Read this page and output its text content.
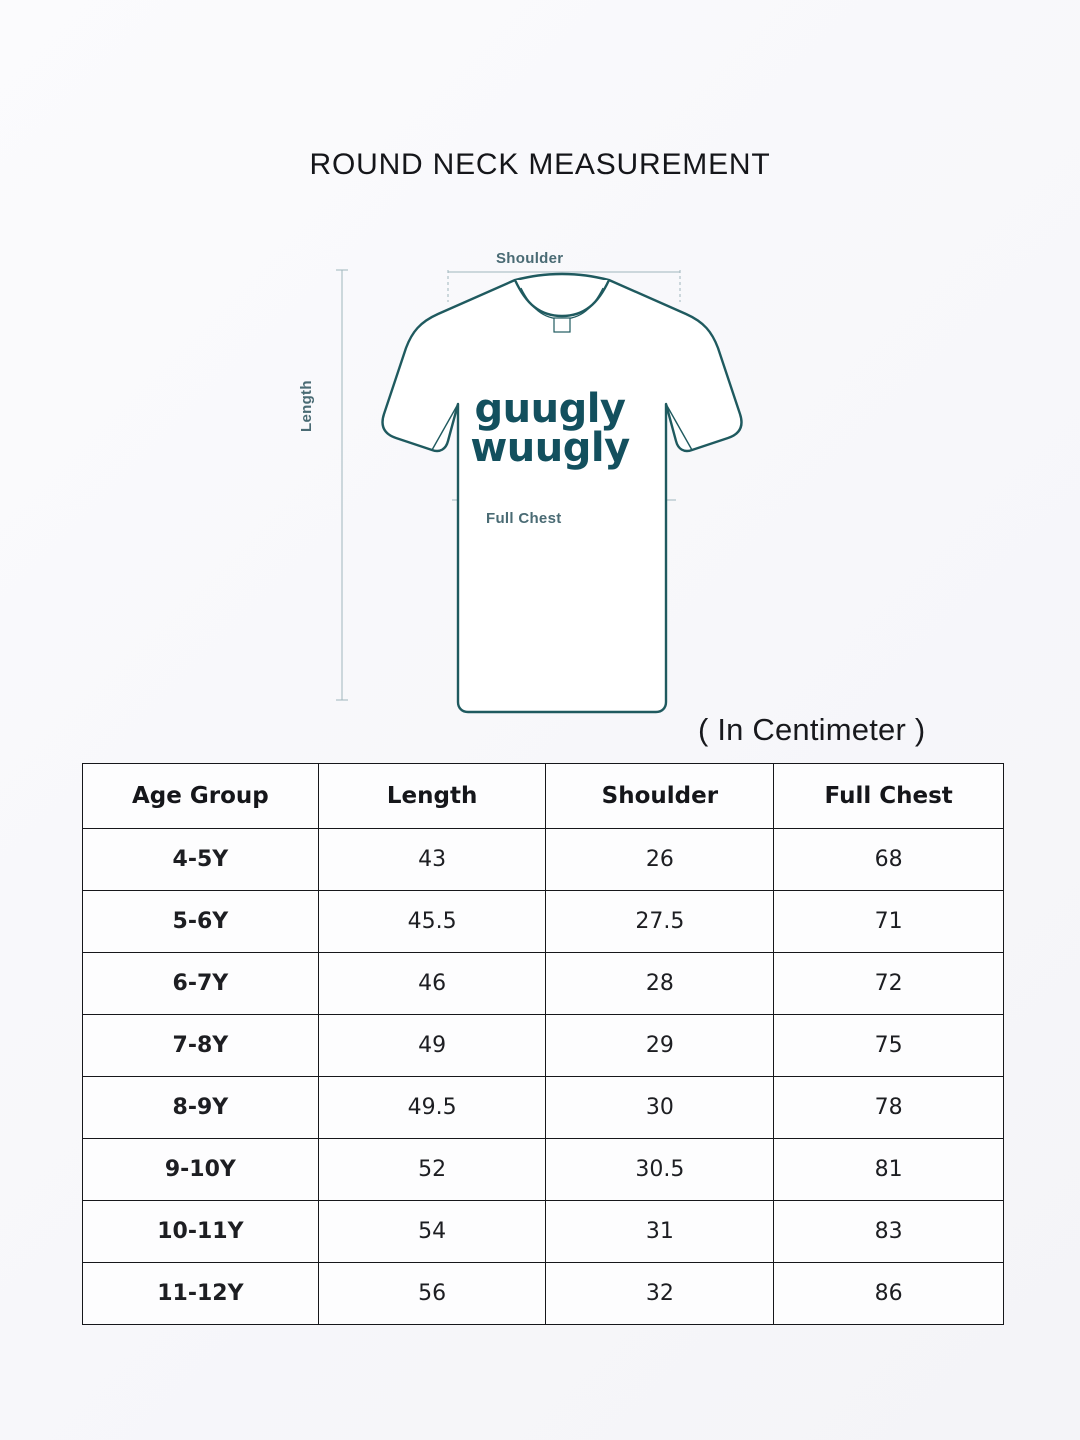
ROUND NECK MEASUREMENT
Shoulder
Length
Full Chest
guugly
wuugly
( In Centimeter )
Age Group	Length	Shoulder	Full Chest
4-5Y	43	26	68
5-6Y	45.5	27.5	71
6-7Y	46	28	72
7-8Y	49	29	75
8-9Y	49.5	30	78
9-10Y	52	30.5	81
10-11Y	54	31	83
11-12Y	56	32	86
